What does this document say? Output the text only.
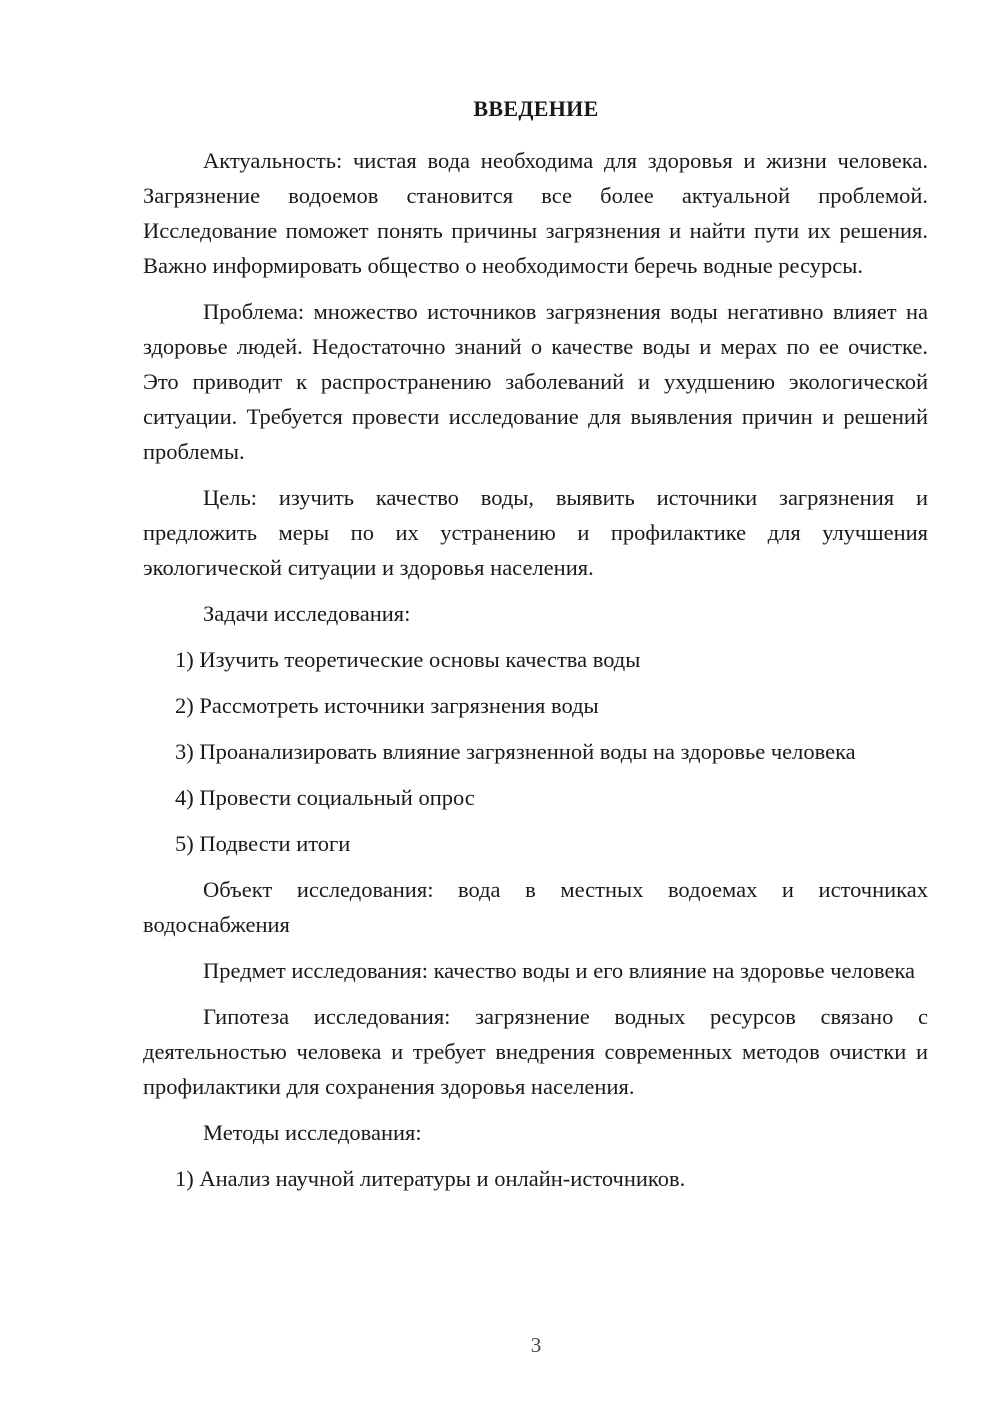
ВВЕДЕНИЕ

Актуальность: чистая вода необходима для здоровья и жизни человека. Загрязнение водоемов становится все более актуальной проблемой. Исследование поможет понять причины загрязнения и найти пути их решения. Важно информировать общество о необходимости беречь водные ресурсы.

Проблема: множество источников загрязнения воды негативно влияет на здоровье людей. Недостаточно знаний о качестве воды и мерах по ее очистке. Это приводит к распространению заболеваний и ухудшению экологической ситуации. Требуется провести исследование для выявления причин и решений проблемы.

Цель: изучить качество воды, выявить источники загрязнения и предложить меры по их устранению и профилактике для улучшения экологической ситуации и здоровья населения.

Задачи исследования:

1) Изучить теоретические основы качества воды

2) Рассмотреть источники загрязнения воды

3) Проанализировать влияние загрязненной воды на здоровье человека

4) Провести социальный опрос

5) Подвести итоги

Объект исследования: вода в местных водоемах и источниках водоснабжения

Предмет исследования: качество воды и его влияние на здоровье человека

Гипотеза исследования: загрязнение водных ресурсов связано с деятельностью человека и требует внедрения современных методов очистки и профилактики для сохранения здоровья населения.

Методы исследования:

1) Анализ научной литературы и онлайн-источников.

3
